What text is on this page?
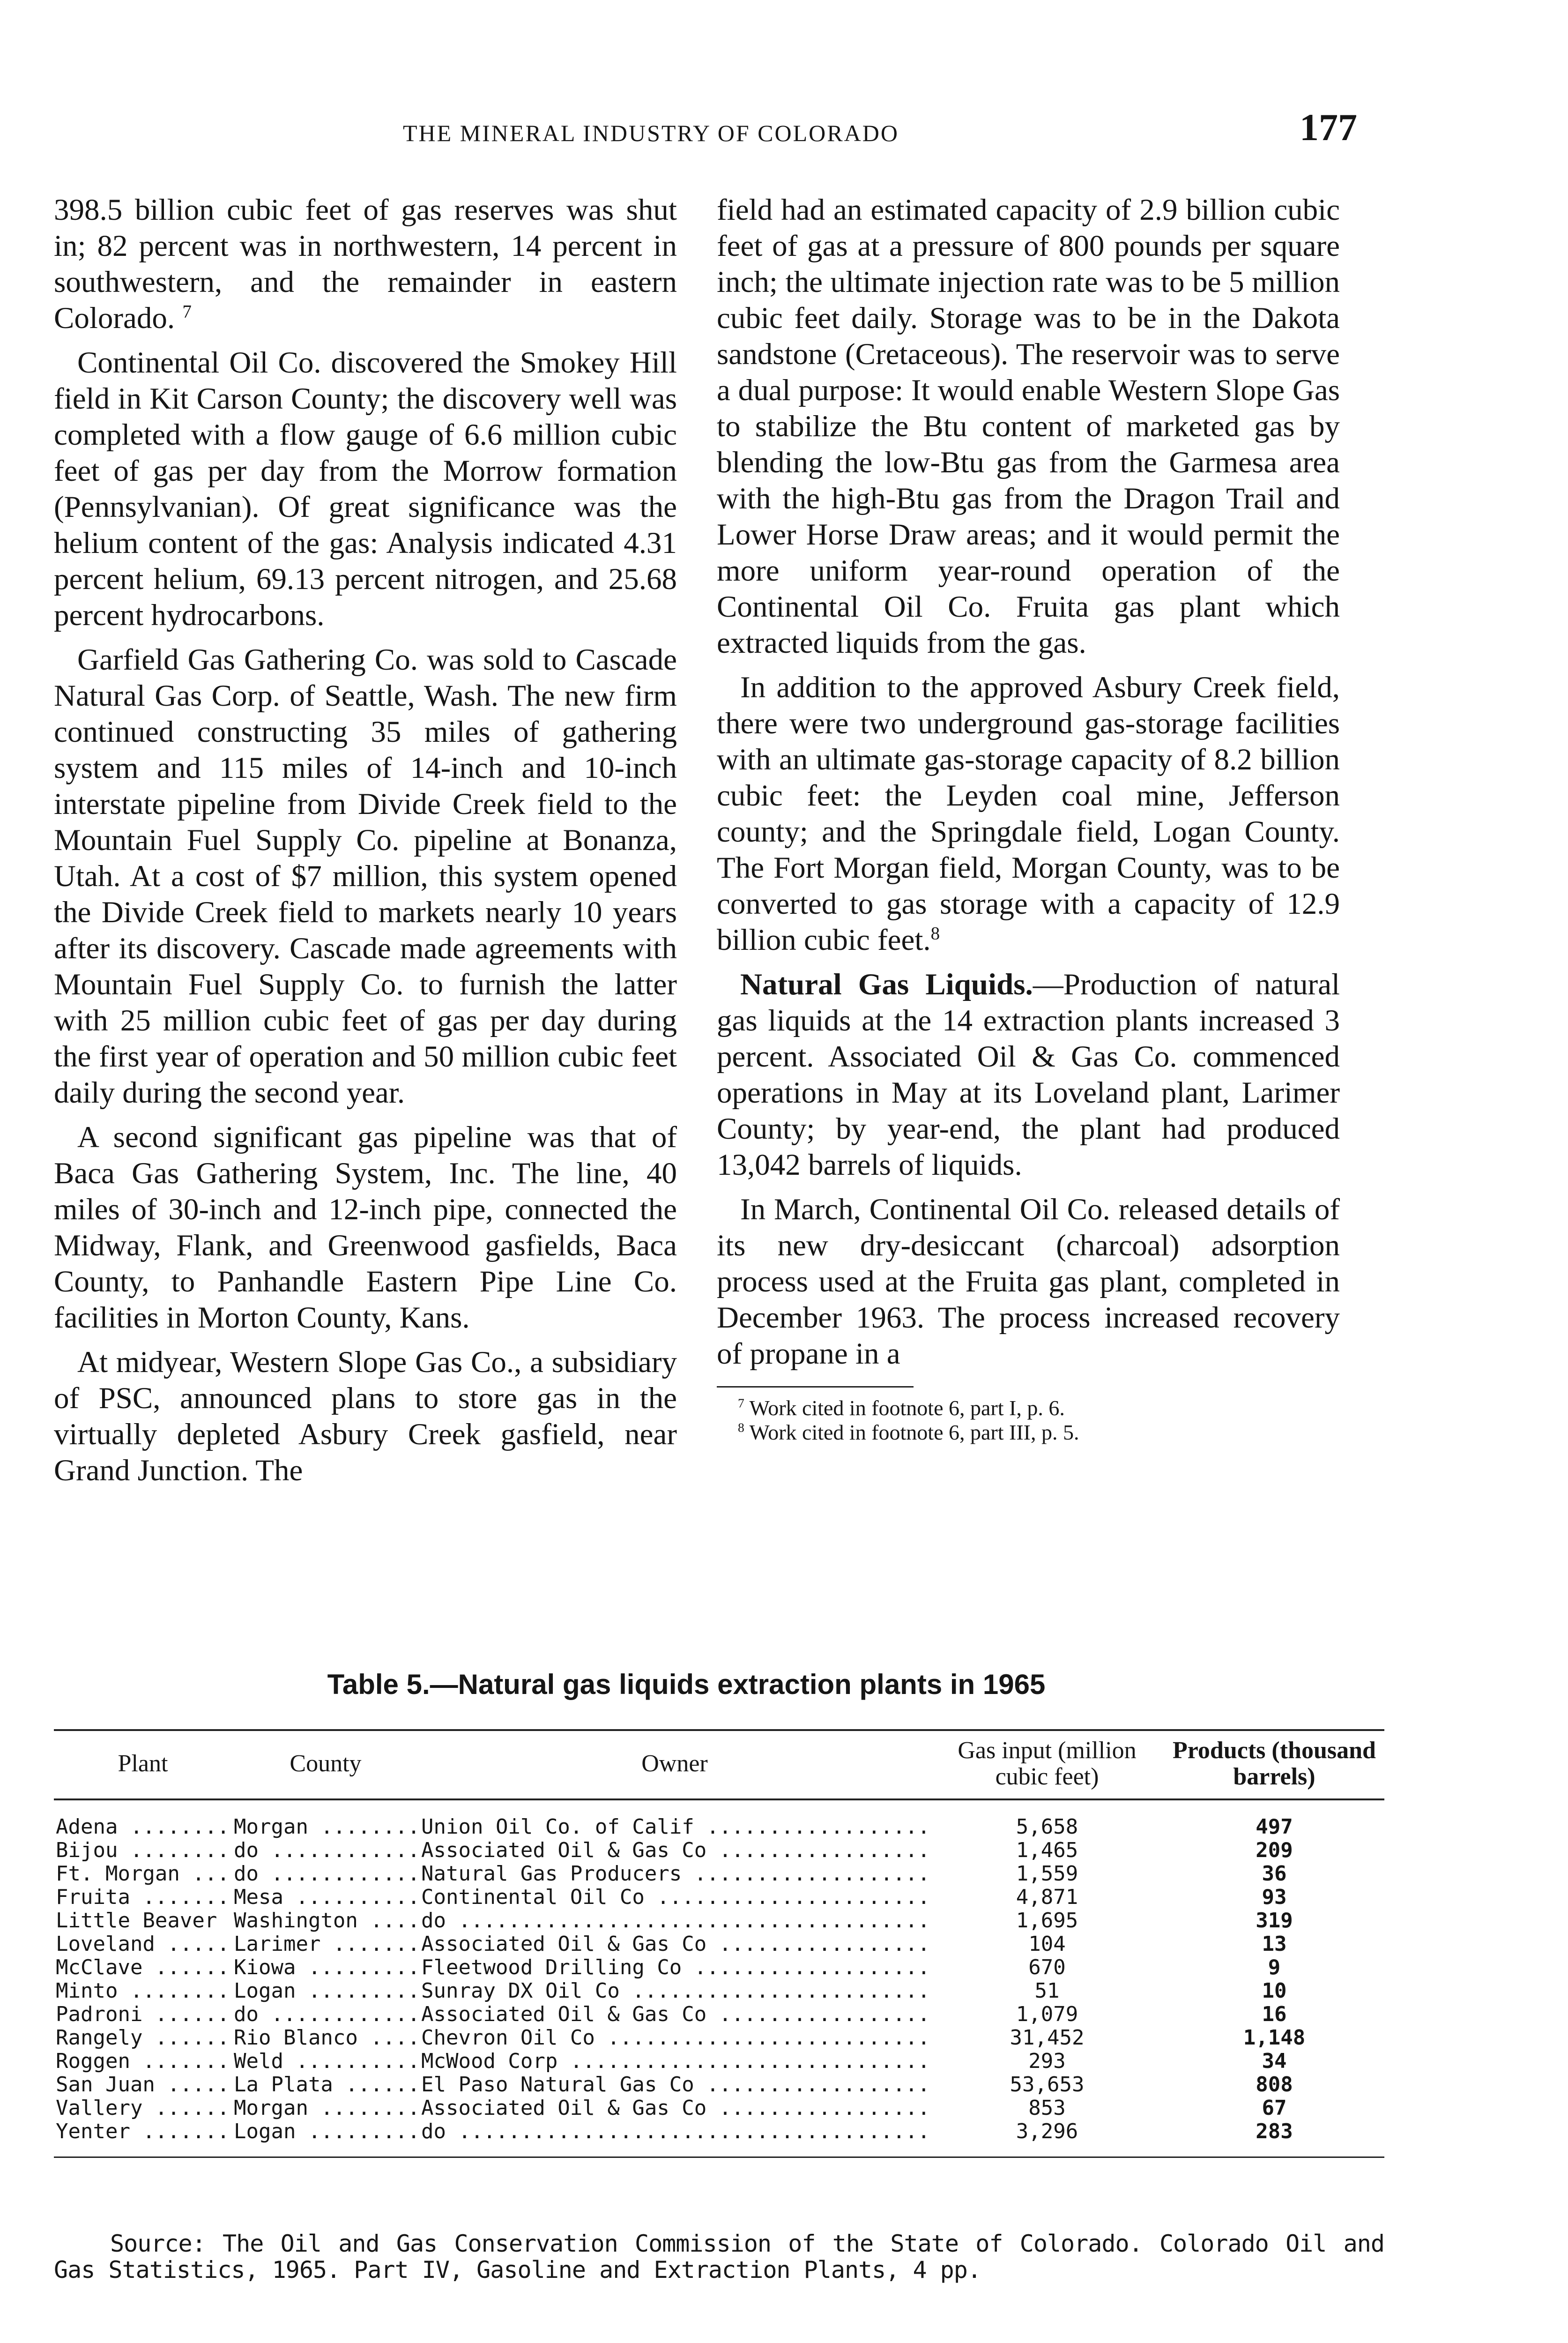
THE MINERAL INDUSTRY OF COLORADO	177

398.5 billion cubic feet of gas reserves was shut in; 82 percent was in northwestern, 14 percent in southwestern, and the remainder in eastern Colorado. $^7$

Continental Oil Co. discovered the Smokey Hill field in Kit Carson County; the discovery well was completed with a flow gauge of 6.6 million cubic feet of gas per day from the Morrow formation (Pennsylvanian). Of great significance was the helium content of the gas: Analysis indicated 4.31 percent helium, 69.13 percent nitrogen, and 25.68 percent hydrocarbons.

Garfield Gas Gathering Co. was sold to Cascade Natural Gas Corp. of Seattle, Wash. The new firm continued constructing 35 miles of gathering system and 115 miles of 14-inch and 10-inch interstate pipeline from Divide Creek field to the Mountain Fuel Supply Co. pipeline at Bonanza, Utah. At a cost of $7 million, this system opened the Divide Creek field to markets nearly 10 years after its discovery. Cascade made agreements with Mountain Fuel Supply Co. to furnish the latter with 25 million cubic feet of gas per day during the first year of operation and 50 million cubic feet daily during the second year.

A second significant gas pipeline was that of Baca Gas Gathering System, Inc. The line, 40 miles of 30-inch and 12-inch pipe, connected the Midway, Flank, and Greenwood gasfields, Baca County, to Panhandle Eastern Pipe Line Co. facilities in Morton County, Kans.

At midyear, Western Slope Gas Co., a subsidiary of PSC, announced plans to store gas in the virtually depleted Asbury Creek gasfield, near Grand Junction. The

field had an estimated capacity of 2.9 billion cubic feet of gas at a pressure of 800 pounds per square inch; the ultimate injection rate was to be 5 million cubic feet daily. Storage was to be in the Dakota sandstone (Cretaceous). The reservoir was to serve a dual purpose: It would enable Western Slope Gas to stabilize the Btu content of marketed gas by blending the low-Btu gas from the Garmesa area with the high-Btu gas from the Dragon Trail and Lower Horse Draw areas; and it would permit the more uniform year-round operation of the Continental Oil Co. Fruita gas plant which extracted liquids from the gas.

In addition to the approved Asbury Creek field, there were two underground gas-storage facilities with an ultimate gas-storage capacity of 8.2 billion cubic feet: the Leyden coal mine, Jefferson county; and the Springdale field, Logan County. The Fort Morgan field, Morgan County, was to be converted to gas storage with a capacity of 12.9 billion cubic feet.$^8$

Natural Gas Liquids.—Production of natural gas liquids at the 14 extraction plants increased 3 percent. Associated Oil & Gas Co. commenced operations in May at its Loveland plant, Larimer County; by year-end, the plant had produced 13,042 barrels of liquids.

In March, Continental Oil Co. released details of its new dry-desiccant (charcoal) adsorption process used at the Fruita gas plant, completed in December 1963. The process increased recovery of propane in a

$^7$ Work cited in footnote 6, part I, p. 6.

$^8$ Work cited in footnote 6, part III, p. 5.

Table 5.—Natural gas liquids extraction plants in 1965
Plant	County	Owner	Gas input (million cubic feet)	Products (thousand barrels)
Adena .....	Morgan .....	Union Oil Co. of Calif .....	5,658	497
Bijou .....	do .....	Associated Oil & Gas Co .....	1,465	209
Ft. Morgan .....	do .....	Natural Gas Producers .....	1,559	36
Fruita .....	Mesa .....	Continental Oil Co .....	4,871	93
Little Beaver .....	Washington .....	do .....	1,695	319
Loveland .....	Larimer .....	Associated Oil & Gas Co .....	104	13
McClave .....	Kiowa .....	Fleetwood Drilling Co .....	670	9
Minto .....	Logan .....	Sunray DX Oil Co .....	51	10
Padroni .....	do .....	Associated Oil & Gas Co .....	1,079	16
Rangely .....	Rio Blanco .....	Chevron Oil Co .....	31,452	1,148
Roggen .....	Weld .....	McWood Corp .....	293	34
San Juan .....	La Plata .....	El Paso Natural Gas Co .....	53,653	808
Vallery .....	Morgan .....	Associated Oil & Gas Co .....	853	67
Yenter .....	Logan .....	do .....	3,296	283

Source: The Oil and Gas Conservation Commission of the State of Colorado. Colorado Oil and Gas Statistics, 1965. Part IV, Gasoline and Extraction Plants, 4 pp.
